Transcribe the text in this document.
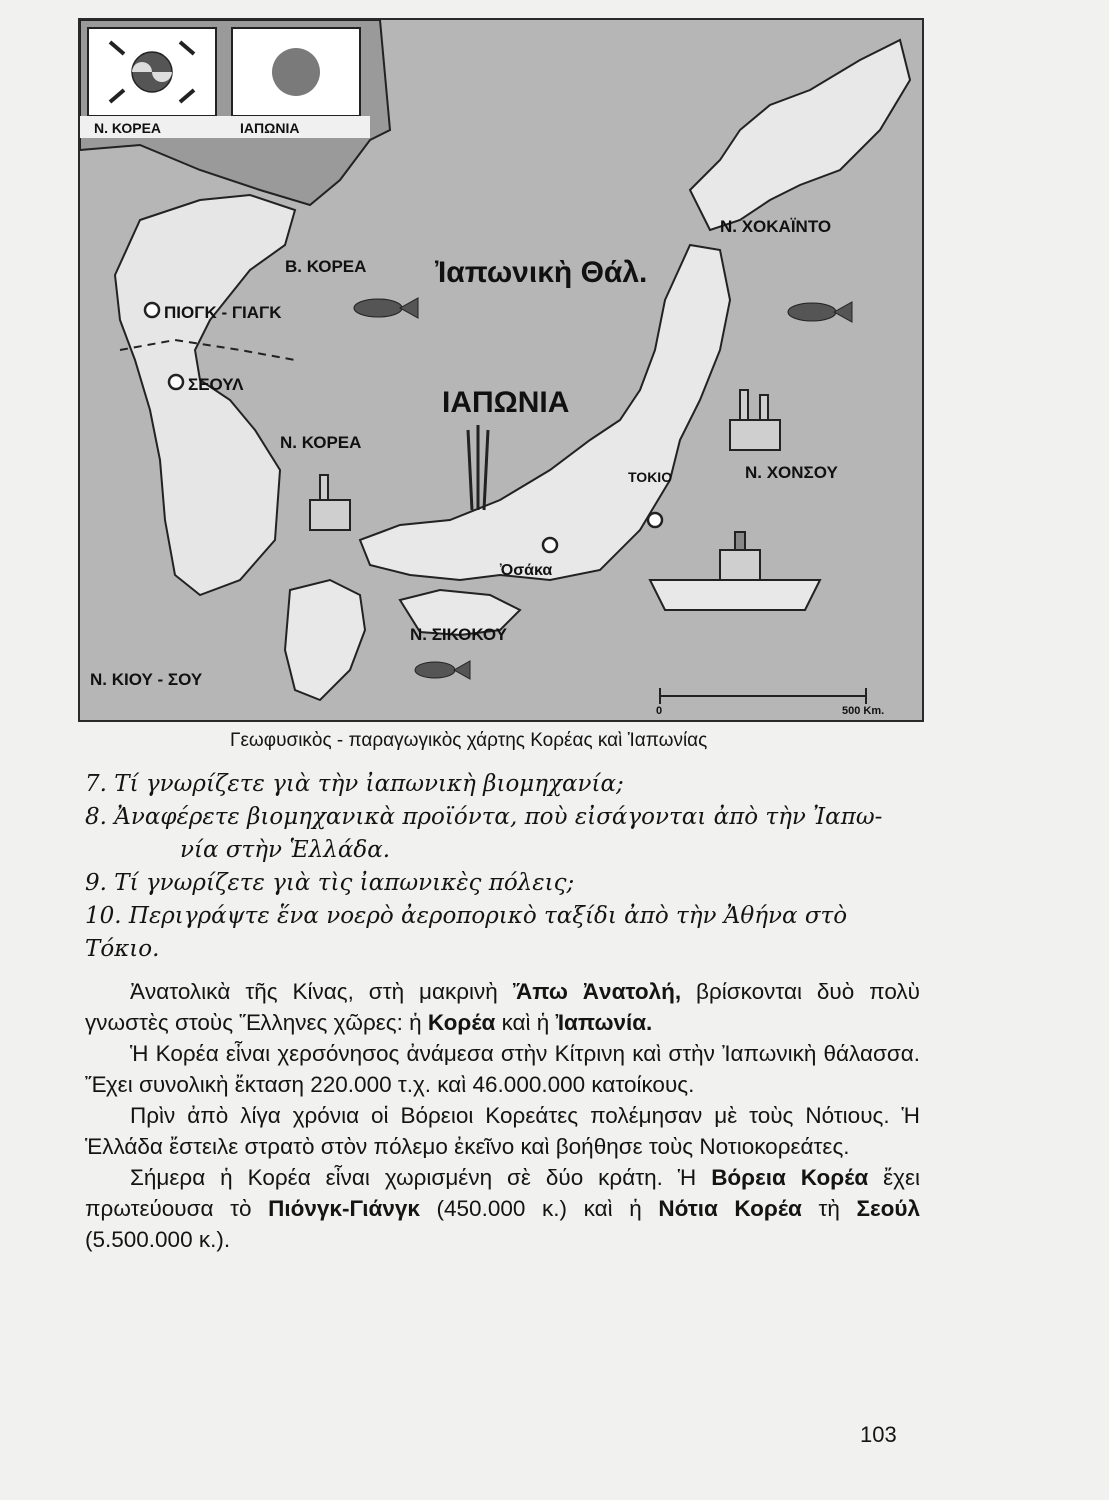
Ν. ΚΟΡΕΑ	ΙΑΠΩΝΙΑ
Ν. ΧΟΚΑΪΝΤΟ
Β. ΚΟΡΕΑ Ἰαπωνικὴ Θάλ.
ΠΙΟΓΚ - ΓΙΑΓΚ
ΣΕΟΥΛ
ΙΑΠΩΝΙΑ
Ν. ΚΟΡΕΑ
ΤΟΚΙΟ	Ν. ΧΟΝΣΟΥ
Ὀσάκα
Ν. ΣΙΚΟΚΟΥ
Ν. ΚΙΟΥ - ΣΟΥ
0	500 Km.
Γεωφυσικὸς - παραγωγικὸς χάρτης Κορέας καὶ Ἰαπωνίας

7. Τί γνωρίζετε γιὰ τὴν ἰαπωνικὴ βιομηχανία;

8. Ἀναφέρετε βιομηχανικὰ προϊόντα, ποὺ εἰσάγονται ἀπὸ τὴν Ἰαπω-

νία στὴν Ἑλλάδα.

9. Τί γνωρίζετε γιὰ τὶς ἰαπωνικὲς πόλεις;

10. Περιγράψτε ἕνα νοερὸ ἀεροπορικὸ ταξίδι ἀπὸ τὴν Ἀθήνα στὸ Τόκιο.

Ἀνατολικὰ τῆς Κίνας, στὴ μακρινὴ Ἄπω Ἀνατολή, βρίσκονται δυὸ πολὺ γνωστὲς στοὺς Ἕλληνες χῶρες: ἡ Κορέα καὶ ἡ Ἰαπωνία.

Ἡ Κορέα εἶναι χερσόνησος ἀνάμεσα στὴν Κίτρινη καὶ στὴν Ἰαπωνικὴ θάλασσα. Ἔχει συνολικὴ ἔκταση 220.000 τ.χ. καὶ 46.000.000 κατοίκους.

Πρὶν ἀπὸ λίγα χρόνια οἱ Βόρειοι Κορεάτες πολέμησαν μὲ τοὺς Νότιους. Ἡ Ἑλλάδα ἔστειλε στρατὸ στὸν πόλεμο ἐκεῖνο καὶ βοήθησε τοὺς Νοτιοκορεάτες.

Σήμερα ἡ Κορέα εἶναι χωρισμένη σὲ δύο κράτη. Ἡ Βόρεια Κορέα ἔχει πρωτεύουσα τὸ Πιόνγκ-Γιάνγκ (450.000 κ.) καὶ ἡ Νότια Κορέα τὴ Σεούλ (5.500.000 κ.).

103
